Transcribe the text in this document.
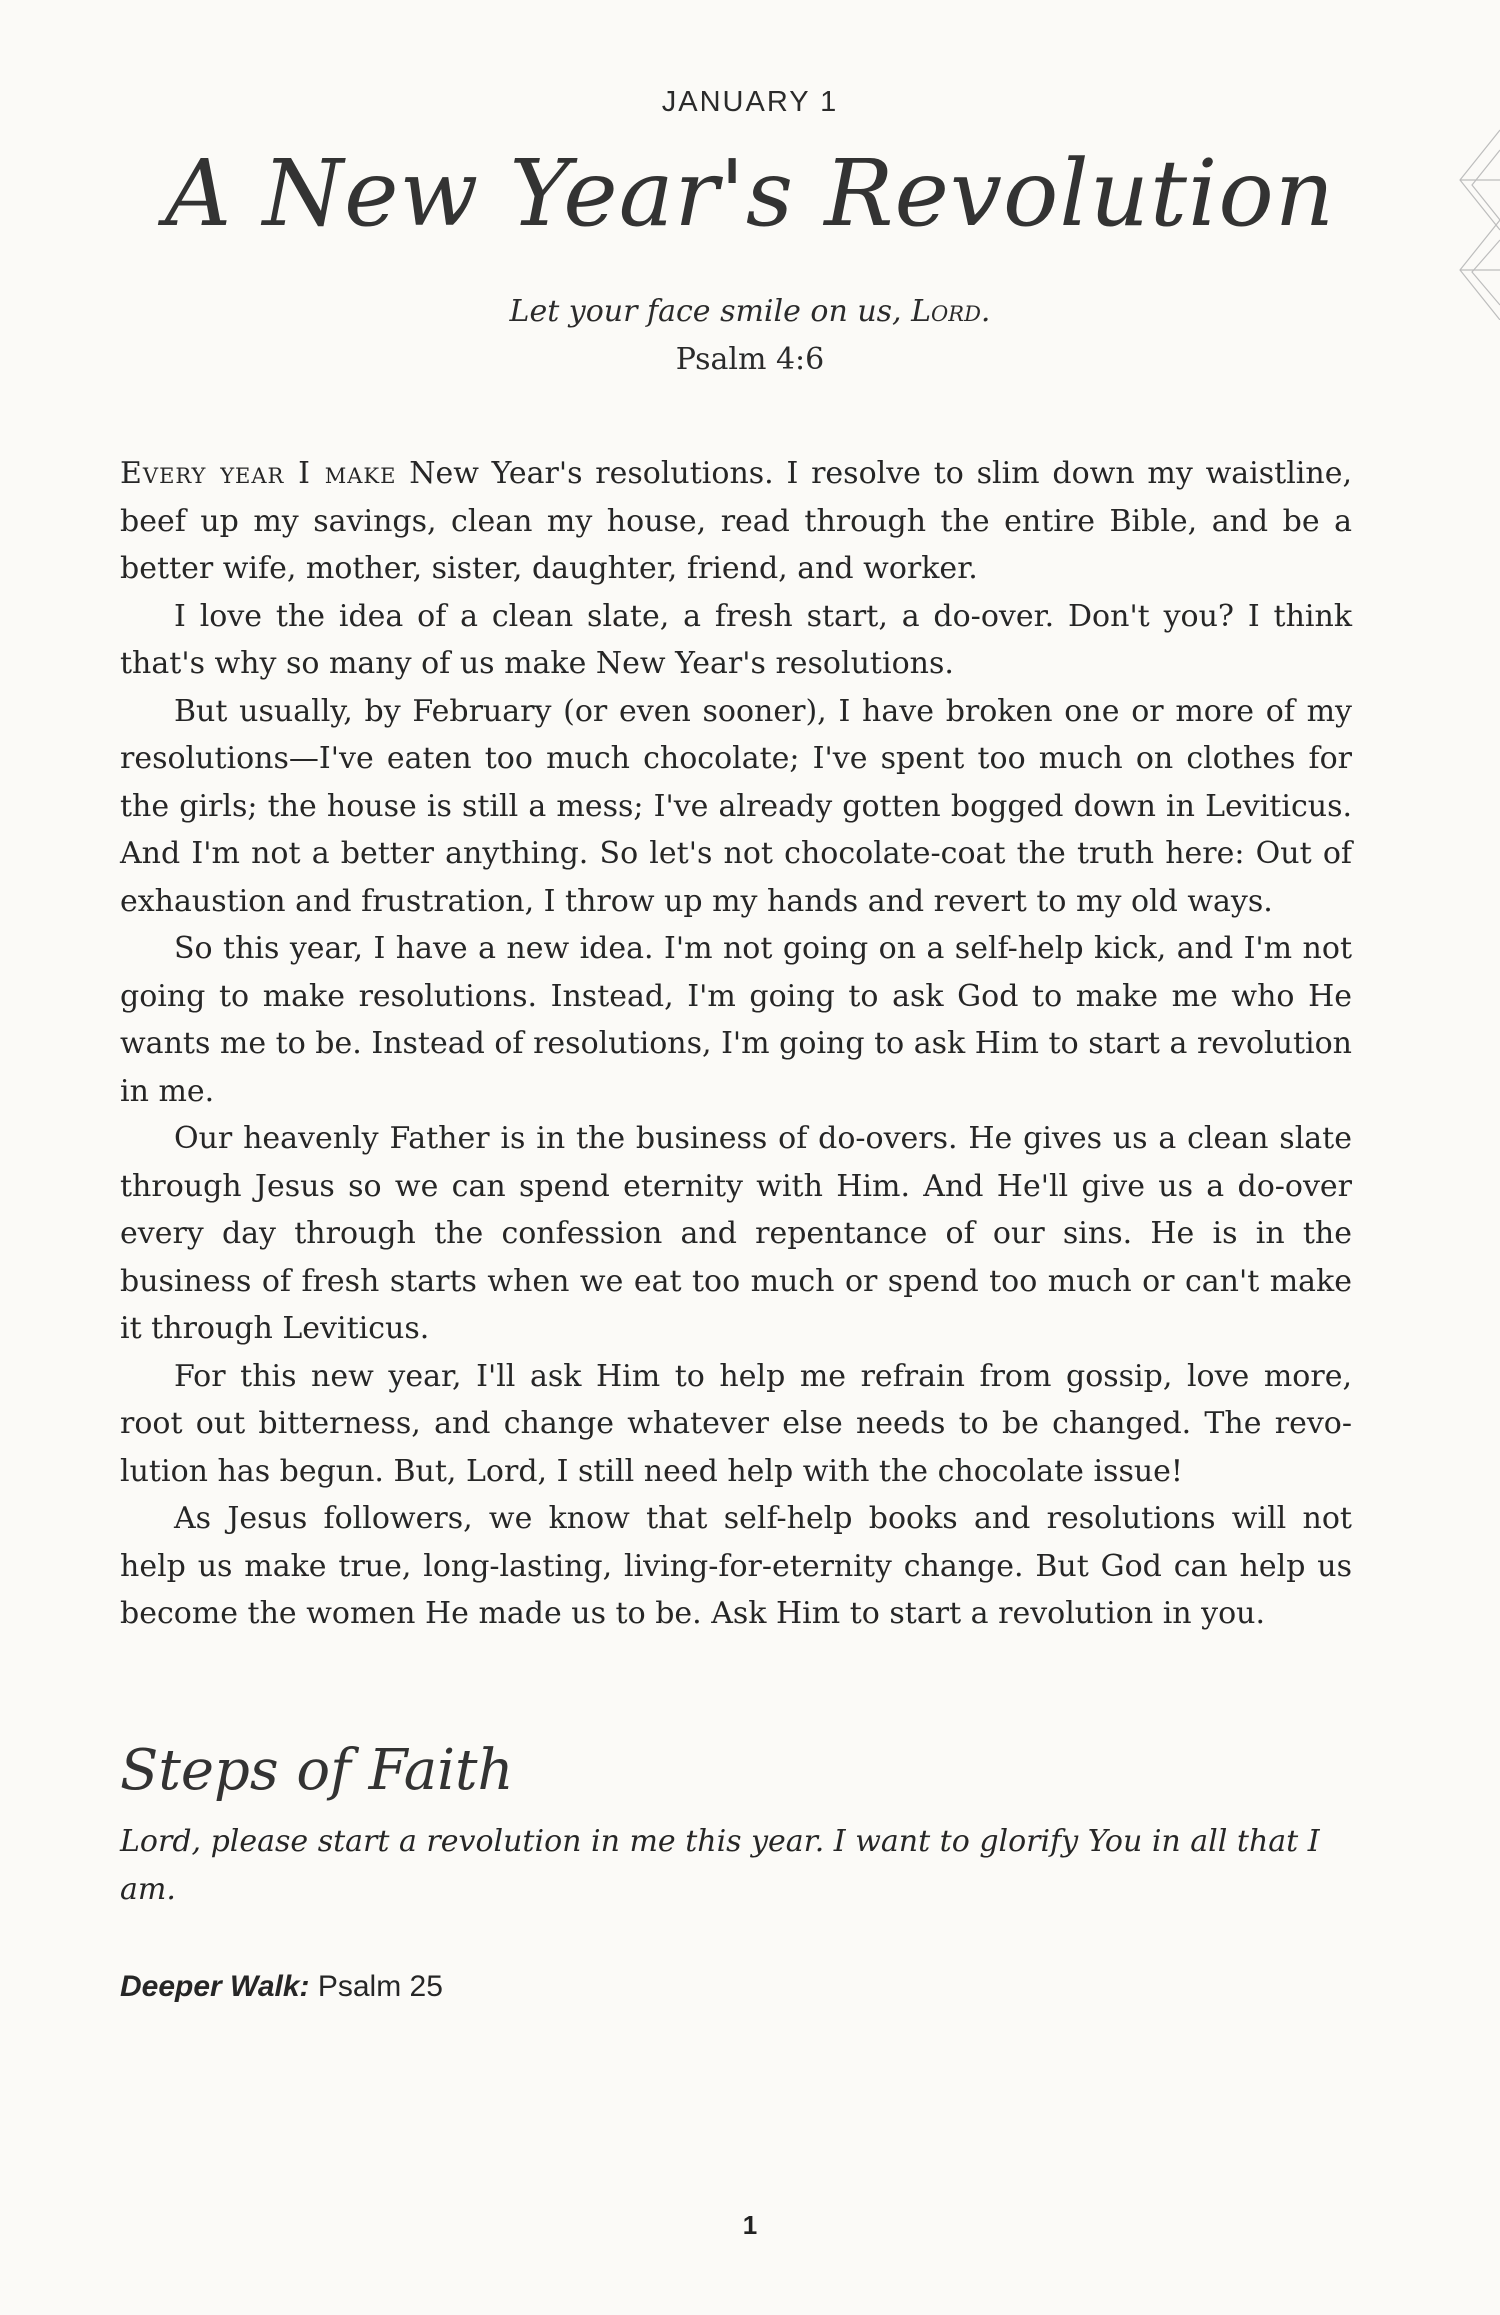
JANUARY 1
A New Year's Revolution
Let your face smile on us, Lord.
Psalm 4:6

Every year I make New Year's resolutions. I resolve to slim down my waistline, beef up my savings, clean my house, read through the entire Bible, and be a better wife, mother, sister, daughter, friend, and worker.

I love the idea of a clean slate, a fresh start, a do-over. Don't you? I think that's why so many of us make New Year's resolutions.

But usually, by February (or even sooner), I have broken one or more of my resolutions—I've eaten too much chocolate; I've spent too much on clothes for the girls; the house is still a mess; I've already gotten bogged down in Leviticus. And I'm not a better anything. So let's not chocolate-coat the truth here: Out of exhaustion and frustration, I throw up my hands and revert to my old ways.

So this year, I have a new idea. I'm not going on a self-help kick, and I'm not going to make resolutions. Instead, I'm going to ask God to make me who He wants me to be. Instead of resolutions, I'm going to ask Him to start a revolution in me.

Our heavenly Father is in the business of do-overs. He gives us a clean slate through Jesus so we can spend eternity with Him. And He'll give us a do-over every day through the confession and repentance of our sins. He is in the business of fresh starts when we eat too much or spend too much or can't make it through Leviticus.

For this new year, I'll ask Him to help me refrain from gossip, love more, root out bitterness, and change whatever else needs to be changed. The revolution has begun. But, Lord, I still need help with the chocolate issue!

As Jesus followers, we know that self-help books and resolutions will not help us make true, long-lasting, living-for-eternity change. But God can help us become the women He made us to be. Ask Him to start a revolution in you.

Steps of Faith
Lord, please start a revolution in me this year. I want to glorify You in all that I am.
Deeper Walk: Psalm 25
1
